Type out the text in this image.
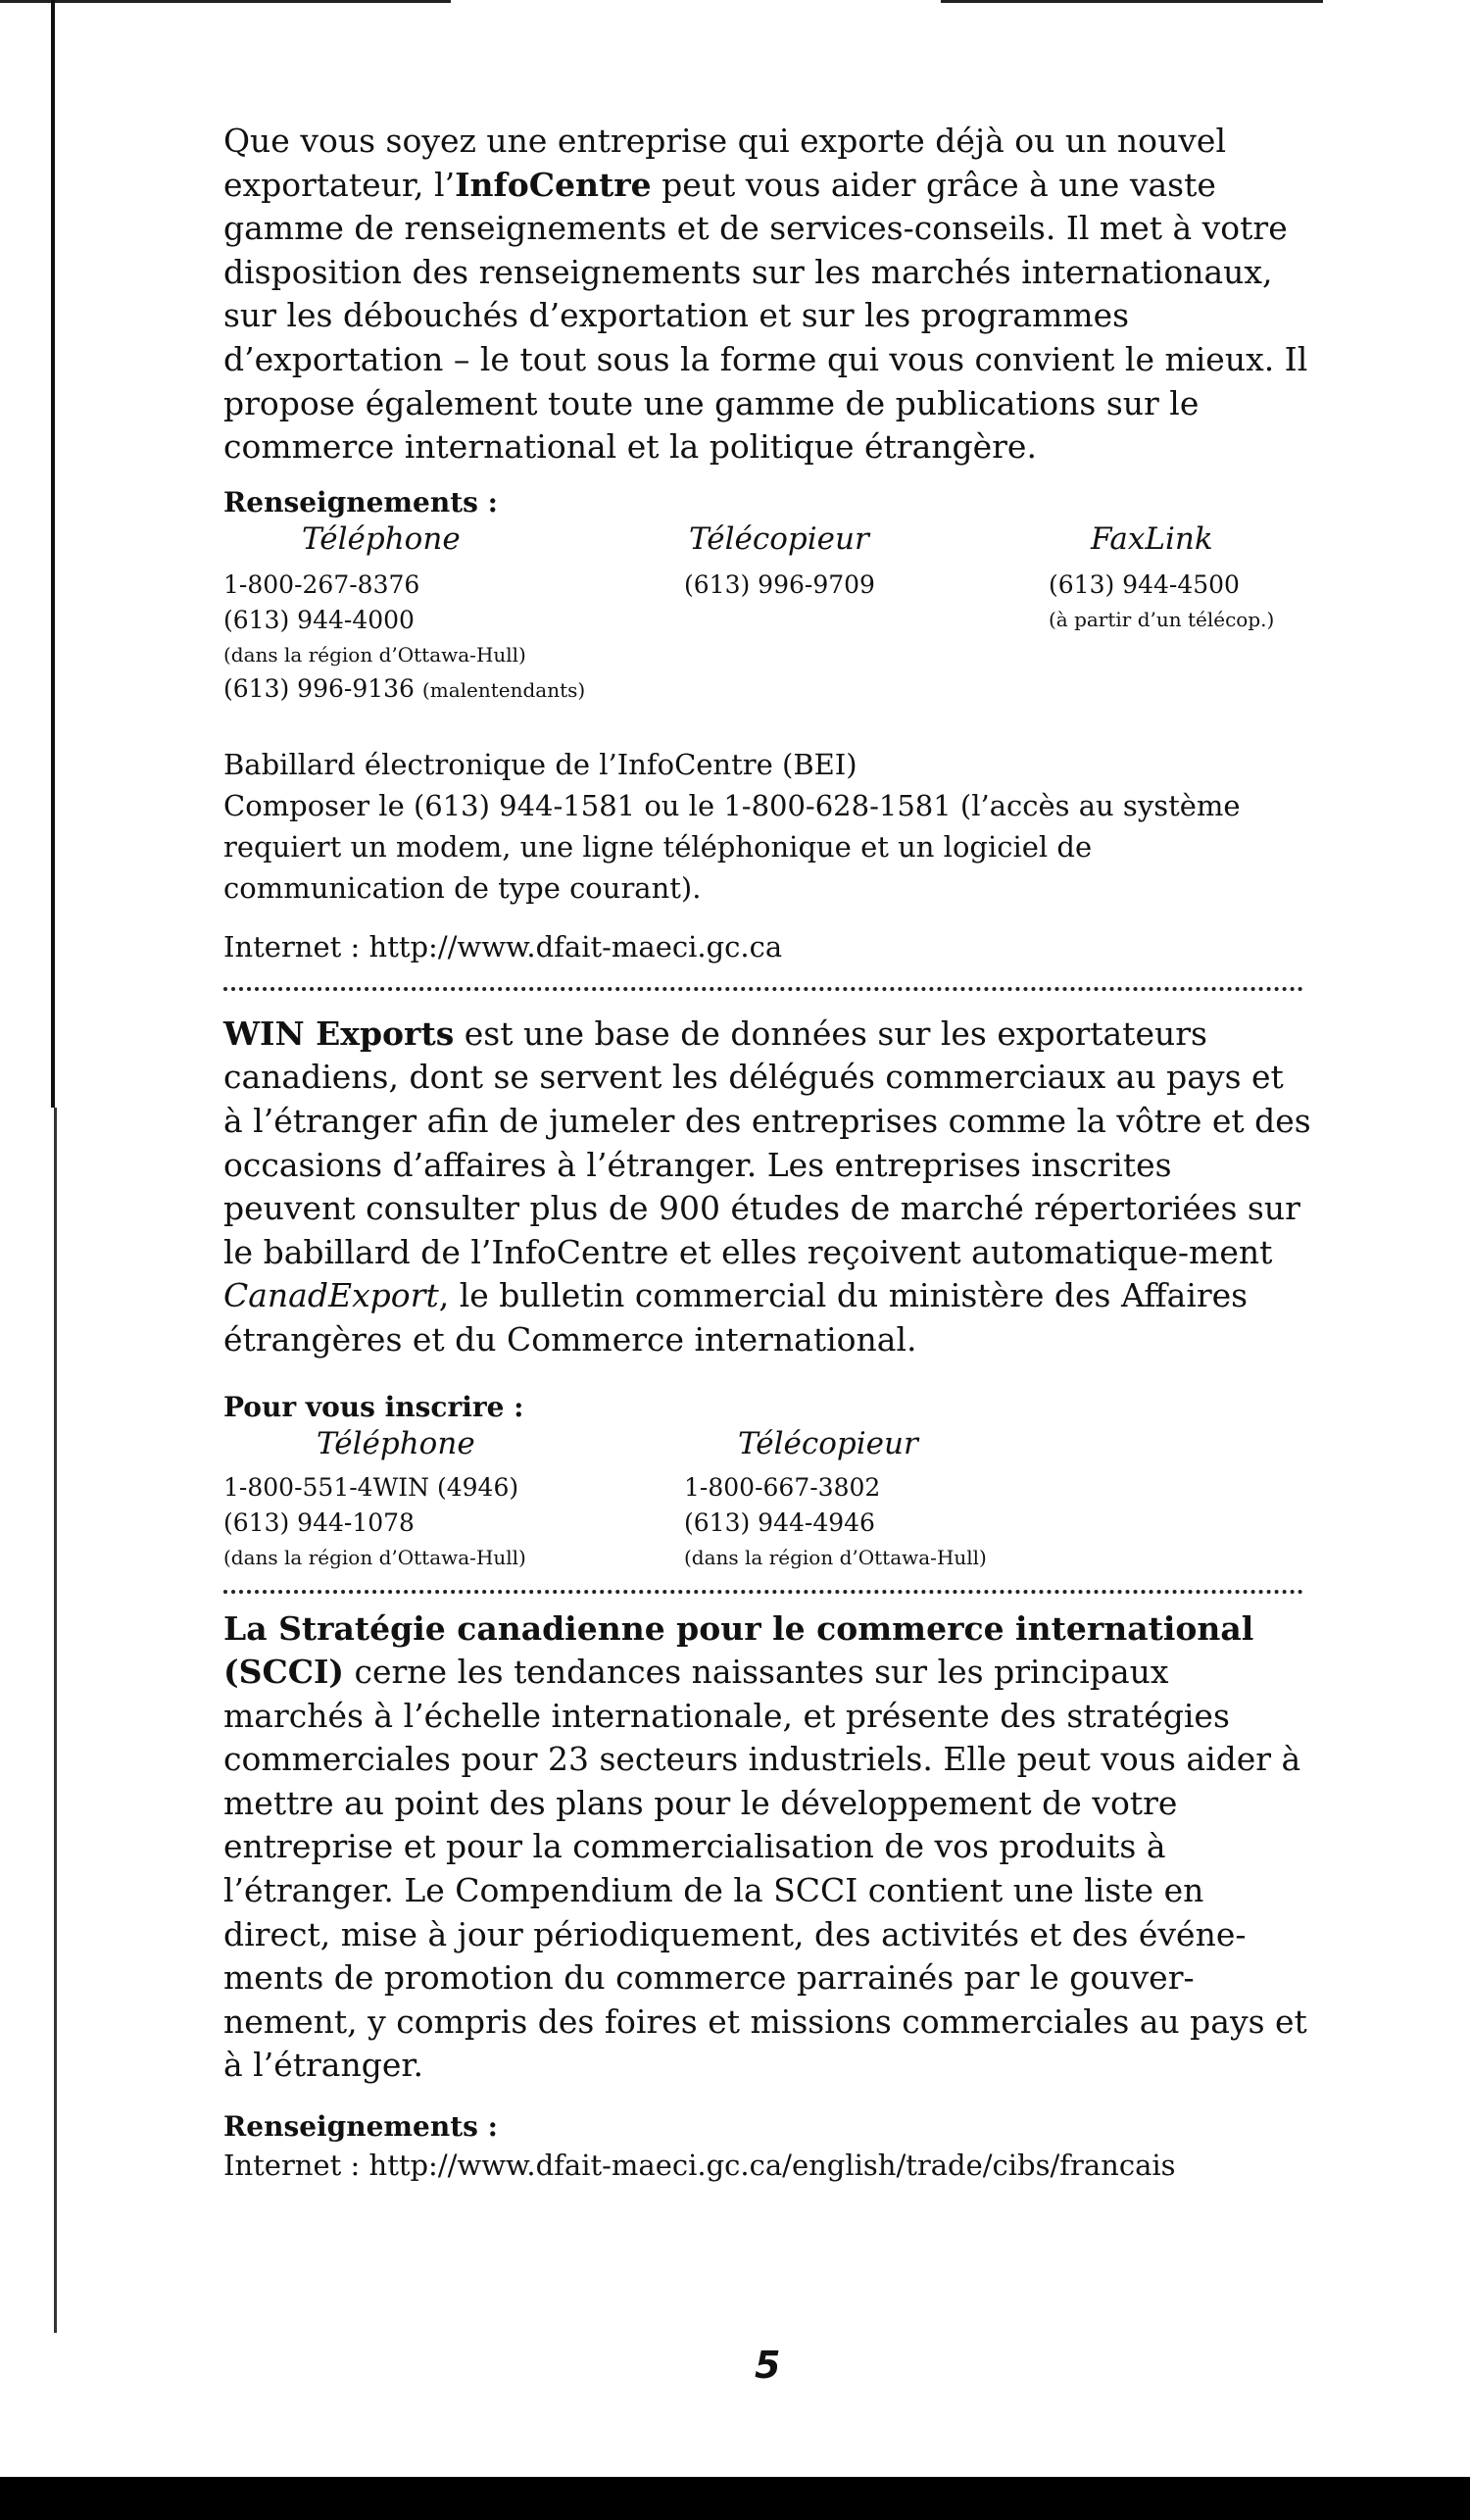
Que vous soyez une entreprise qui exporte déjà ou un nouvel exportateur, l’InfoCentre peut vous aider grâce à une vaste gamme de renseignements et de services-conseils. Il met à votre disposition des renseignements sur les marchés internationaux, sur les débouchés d’exportation et sur les programmes d’exportation – le tout sous la forme qui vous convient le mieux. Il propose également toute une gamme de publications sur le commerce international et la politique étrangère.

Renseignements :

Téléphone
1-800-267-8376
(613) 944-4000
(dans la région d’Ottawa-Hull)
(613) 996-9136 (malentendants)
Télécopieur
(613) 996-9709
FaxLink
(613) 944-4500
(à partir d’un télécop.)

Babillard électronique de l’InfoCentre (BEI)

Composer le (613) 944-1581 ou le 1-800-628-1581 (l’accès au système requiert un modem, une ligne téléphonique et un logiciel de communication de type courant).

Internet : http://www.dfait-maeci.gc.ca

WIN Exports est une base de données sur les exportateurs canadiens, dont se servent les délégués commerciaux au pays et à l’étranger afin de jumeler des entreprises comme la vôtre et des occasions d’affaires à l’étranger. Les entreprises inscrites peuvent consulter plus de 900 études de marché répertoriées sur le babillard de l’InfoCentre et elles reçoivent automatique-ment CanadExport, le bulletin commercial du ministère des Affaires étrangères et du Commerce international.

Pour vous inscrire :

Téléphone
1-800-551-4WIN (4946)
(613) 944-1078
(dans la région d’Ottawa-Hull)
Télécopieur
1-800-667-3802
(613) 944-4946
(dans la région d’Ottawa-Hull)

La Stratégie canadienne pour le commerce international (SCCI) cerne les tendances naissantes sur les principaux marchés à l’échelle internationale, et présente des stratégies commerciales pour 23 secteurs industriels. Elle peut vous aider à mettre au point des plans pour le développement de votre entreprise et pour la commercialisation de vos produits à l’étranger. Le Compendium de la SCCI contient une liste en direct, mise à jour périodiquement, des activités et des événe-ments de promotion du commerce parrainés par le gouver-nement, y compris des foires et missions commerciales au pays et à l’étranger.

Renseignements :

Internet : http://www.dfait-maeci.gc.ca/english/trade/cibs/francais

5
